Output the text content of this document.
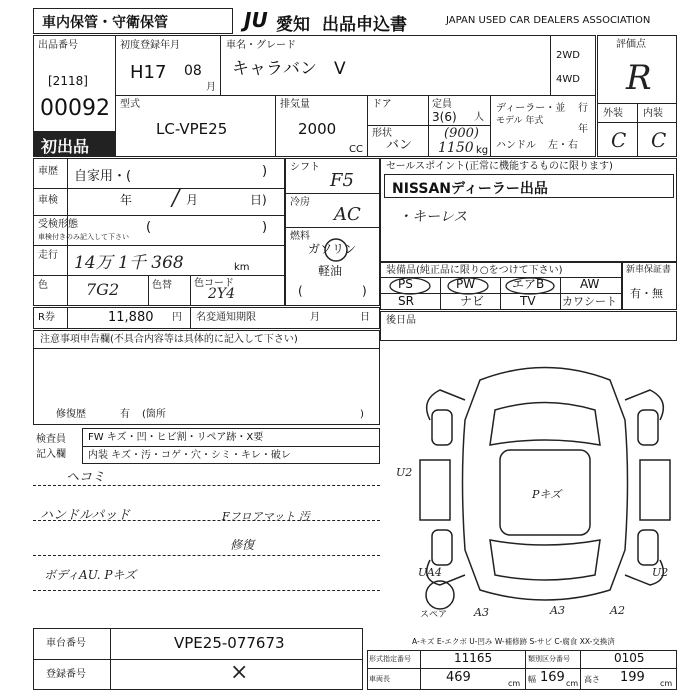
車内保管・守衛保管	JU 愛知 出品申込書	JAPAN USED CAR DEALERS ASSOCIATION
出品番号
[2118]
00092
初出品
初度登録年月
H17 08
月
車名・グレード
キャラバン　V
2WD
4WD
型式
LC-VPE25
排気量
2000
CC
ドア	定員
3(6) 人
形状
バン
(900)
1150 kg
ディーラー・並 行
モデル 年式
年
ハンドル 左・右
評価点
R
外装 内装
C C
車歴 自家用・(	)
車検	年 / 月	日)
受検形態
車検付きのみ記入して下さい
(	)
走行 14万 1千 368	km
色 7G2	色替 色コード
2Y4
シフト
F5
冷房
AC
燃料
ガソリン
軽油
(	)
セールスポイント(正常に機能するものに限ります)
NISSANディーラー出品
・キーレス
装備品(純正品に限り○をつけて下さい)
PS	PW	エアB	AW
SR	ナビ	TV カワシート
新車保証書
有・無
R券	11,880 円 名変通知期限	月	日
注意事項申告欄(不具合内容等は具体的に記入して下さい)
修復歴	有 (箇所	)
後日品
検査員
記入欄
FW キズ・凹・ヒビ割・リペア跡・X要
内装 キズ・汚・コゲ・穴・シミ・キレ・破レ
ヘコミ
ハンドルパッド	Fフロアマット 汚
修復
ボディAU. Pキズ
U2
Pキズ
UA4
A3	A3	A2
U2
スペア
A-キズ E-エクボ U-凹み W-補修跡 S-サビ C-腐食 XX-交換済
車台番号	VPE25-077673
登録番号	×
形式指定番号	11165	類別区分番号	0105
車両長	469	cm 幅 169 cm 高さ 199 cm
